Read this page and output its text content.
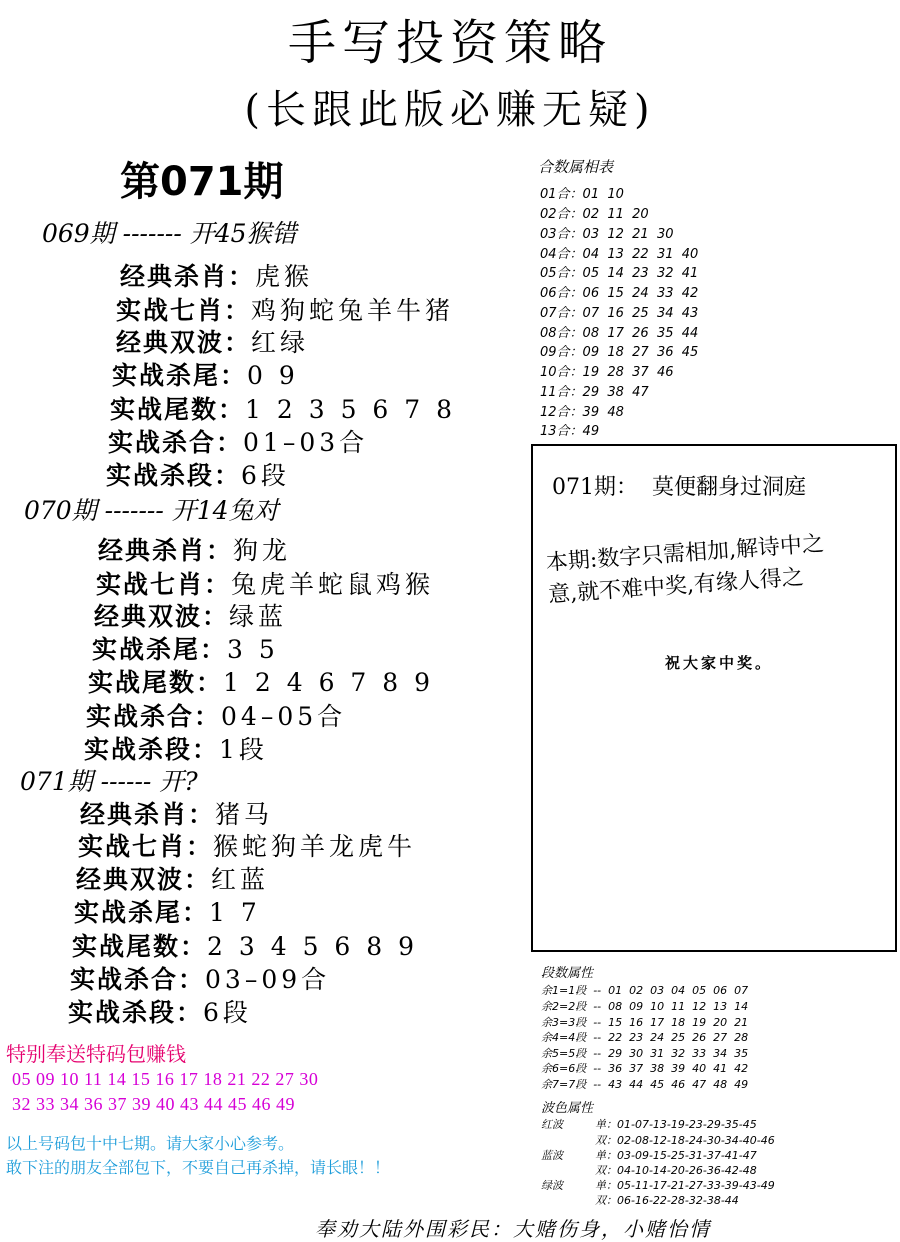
手写投资策略
(长跟此版必赚无疑)
第071期
069期 ------- 开45猴错
经典杀肖：虎猴
实战七肖：鸡狗蛇兔羊牛猪
经典双波：红绿
实战杀尾：0 9
实战尾数：1 2 3 5 6 7 8
实战杀合：01–03合
实战杀段：6段
070期 ------- 开14兔对
经典杀肖：狗龙
实战七肖：兔虎羊蛇鼠鸡猴
经典双波：绿蓝
实战杀尾：3 5
实战尾数：1 2 4 6 7 8 9
实战杀合：04–05合
实战杀段：1段
071期 ------ 开?
经典杀肖：猪马
实战七肖：猴蛇狗羊龙虎牛
经典双波：红蓝
实战杀尾：1 7
实战尾数：2 3 4 5 6 8 9
实战杀合：03–09合
实战杀段：6段
合数属相表
01合：01  10
02合：02  11  20
03合：03  12  21  30
04合：04  13  22  31  40
05合：05  14  23  32  41
06合：06  15  24  33  42
07合：07  16  25  34  43
08合：08  17  26  35  44
09合：09  18  27  36  45
10合：19  28  37  46
11合：29  38  47
12合：39  48
13合：49
071期：  莫便翻身过洞庭
本期:数字只需相加,解诗中之
意,就不难中奖,有缘人得之
祝大家中奖。
段数属性
余1=1段  --  01  02  03  04  05  06  07
余2=2段  --  08  09  10  11  12  13  14
余3=3段  --  15  16  17  18  19  20  21
余4=4段  --  22  23  24  25  26  27  28
余5=5段  --  29  30  31  32  33  34  35
余6=6段  --  36  37  38  39  40  41  42
余7=7段  --  43  44  45  46  47  48  49
波色属性
红波	单：01-07-13-19-23-29-35-45
双：02-08-12-18-24-30-34-40-46
蓝波	单：03-09-15-25-31-37-41-47
双：04-10-14-20-26-36-42-48
绿波	单：05-11-17-21-27-33-39-43-49
双：06-16-22-28-32-38-44
特别奉送特码包赚钱
05 09 10 11 14 15 16 17 18 21 22 27 30
32 33 34 36 37 39 40 43 44 45 46 49
以上号码包十中七期。请大家小心参考。
敢下注的朋友全部包下，不要自己再杀掉，请长眼！！
奉劝大陆外围彩民：大赌伤身，小赌怡情
